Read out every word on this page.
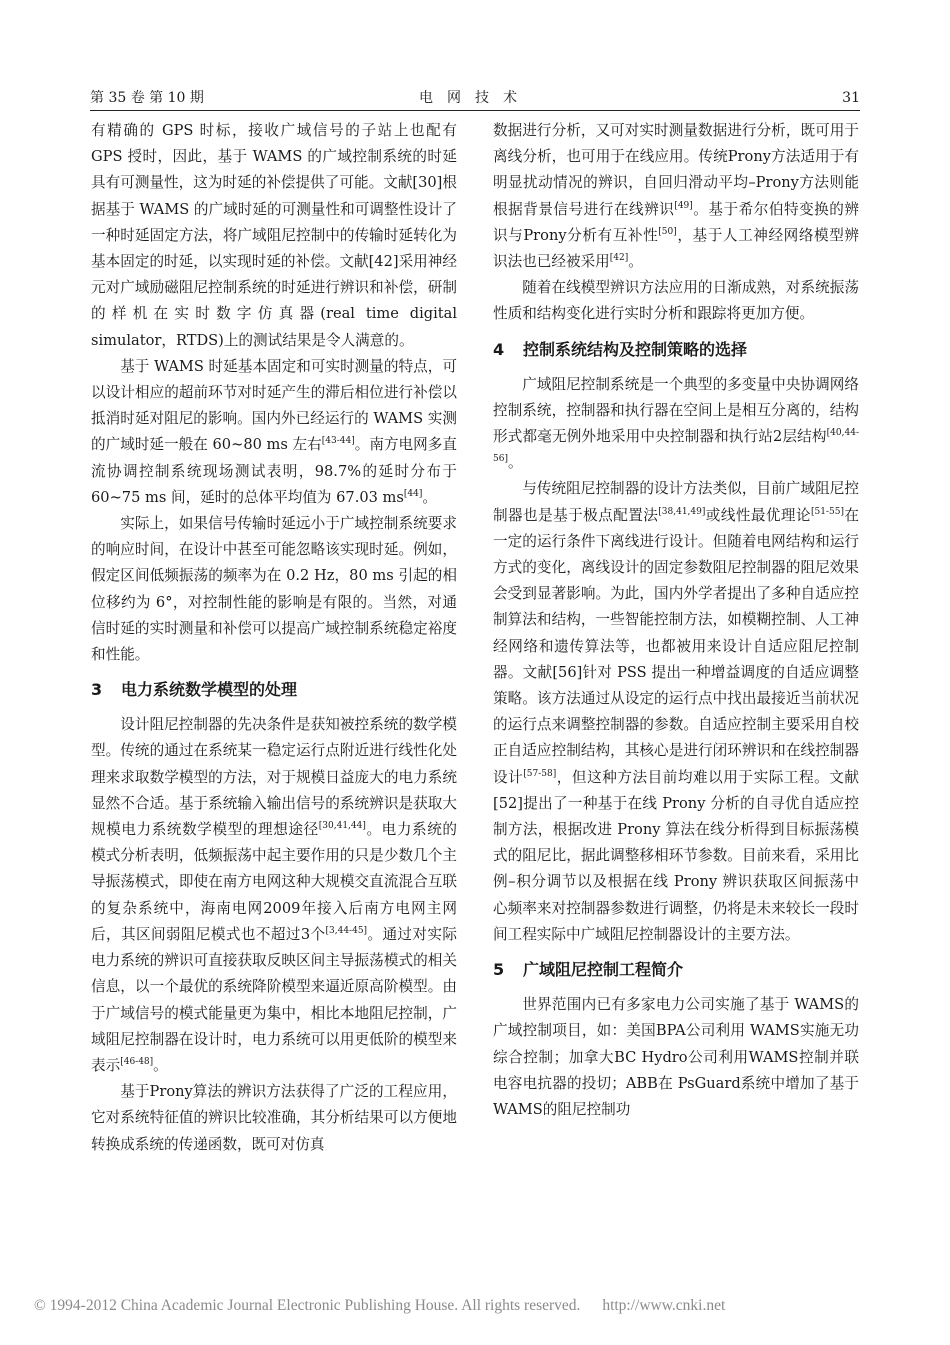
第 35 卷 第 10 期	电网技术	31

有精确的 GPS 时标，接收广域信号的子站上也配有 GPS 授时，因此，基于 WAMS 的广域控制系统的时延具有可测量性，这为时延的补偿提供了可能。文献[30]根据基于 WAMS 的广域时延的可测量性和可调整性设计了一种时延固定方法，将广域阻尼控制中的传输时延转化为基本固定的时延，以实现时延的补偿。文献[42]采用神经元对广域励磁阻尼控制系统的时延进行辨识和补偿，研制的样机在实时数字仿真器(real time digital simulator，RTDS)上的测试结果是令人满意的。

基于 WAMS 时延基本固定和可实时测量的特点，可以设计相应的超前环节对时延产生的滞后相位进行补偿以抵消时延对阻尼的影响。国内外已经运行的 WAMS 实测的广域时延一般在 60~80 ms 左右[43-44]。南方电网多直流协调控制系统现场测试表明，98.7%的延时分布于 60~75 ms 间，延时的总体平均值为 67.03 ms[44]。

实际上，如果信号传输时延远小于广域控制系统要求的响应时间，在设计中甚至可能忽略该实现时延。例如，假定区间低频振荡的频率为在 0.2 Hz，80 ms 引起的相位移约为 6°，对控制性能的影响是有限的。当然，对通信时延的实时测量和补偿可以提高广域控制系统稳定裕度和性能。

3 电力系统数学模型的处理

设计阻尼控制器的先决条件是获知被控系统的数学模型。传统的通过在系统某一稳定运行点附近进行线性化处理来求取数学模型的方法，对于规模日益庞大的电力系统显然不合适。基于系统输入输出信号的系统辨识是获取大规模电力系统数学模型的理想途径[30,41,44]。电力系统的模式分析表明，低频振荡中起主要作用的只是少数几个主导振荡模式，即使在南方电网这种大规模交直流混合互联的复杂系统中，海南电网2009年接入后南方电网主网后，其区间弱阻尼模式也不超过3个[3,44-45]。通过对实际电力系统的辨识可直接获取反映区间主导振荡模式的相关信息，以一个最优的系统降阶模型来逼近原高阶模型。由于广域信号的模式能量更为集中，相比本地阻尼控制，广域阻尼控制器在设计时，电力系统可以用更低阶的模型来表示[46-48]。

基于Prony算法的辨识方法获得了广泛的工程应用，它对系统特征值的辨识比较准确，其分析结果可以方便地转换成系统的传递函数，既可对仿真

数据进行分析，又可对实时测量数据进行分析，既可用于离线分析，也可用于在线应用。传统Prony方法适用于有明显扰动情况的辨识，自回归滑动平均–Prony方法则能根据背景信号进行在线辨识[49]。基于希尔伯特变换的辨识与Prony分析有互补性[50]，基于人工神经网络模型辨识法也已经被采用[42]。

随着在线模型辨识方法应用的日渐成熟，对系统振荡性质和结构变化进行实时分析和跟踪将更加方便。

4 控制系统结构及控制策略的选择

广域阻尼控制系统是一个典型的多变量中央协调网络控制系统，控制器和执行器在空间上是相互分离的，结构形式都毫无例外地采用中央控制器和执行站2层结构[40,44-56]。

与传统阻尼控制器的设计方法类似，目前广域阻尼控制器也是基于极点配置法[38,41,49]或线性最优理论[51-55]在一定的运行条件下离线进行设计。但随着电网结构和运行方式的变化，离线设计的固定参数阻尼控制器的阻尼效果会受到显著影响。为此，国内外学者提出了多种自适应控制算法和结构，一些智能控制方法，如模糊控制、人工神经网络和遗传算法等，也都被用来设计自适应阻尼控制器。文献[56]针对 PSS 提出一种增益调度的自适应调整策略。该方法通过从设定的运行点中找出最接近当前状况的运行点来调整控制器的参数。自适应控制主要采用自校正自适应控制结构，其核心是进行闭环辨识和在线控制器设计[57-58]，但这种方法目前均难以用于实际工程。文献[52]提出了一种基于在线 Prony 分析的自寻优自适应控制方法，根据改进 Prony 算法在线分析得到目标振荡模式的阻尼比，据此调整移相环节参数。目前来看，采用比例–积分调节以及根据在线 Prony 辨识获取区间振荡中心频率来对控制器参数进行调整，仍将是未来较长一段时间工程实际中广域阻尼控制器设计的主要方法。

5 广域阻尼控制工程简介

世界范围内已有多家电力公司实施了基于 WAMS的广域控制项目，如：美国BPA公司利用 WAMS实施无功综合控制；加拿大BC Hydro公司利用WAMS控制并联电容电抗器的投切；ABB在 PsGuard系统中增加了基于WAMS的阻尼控制功

© 1994-2012 China Academic Journal Electronic Publishing House. All rights reserved. http://www.cnki.net
